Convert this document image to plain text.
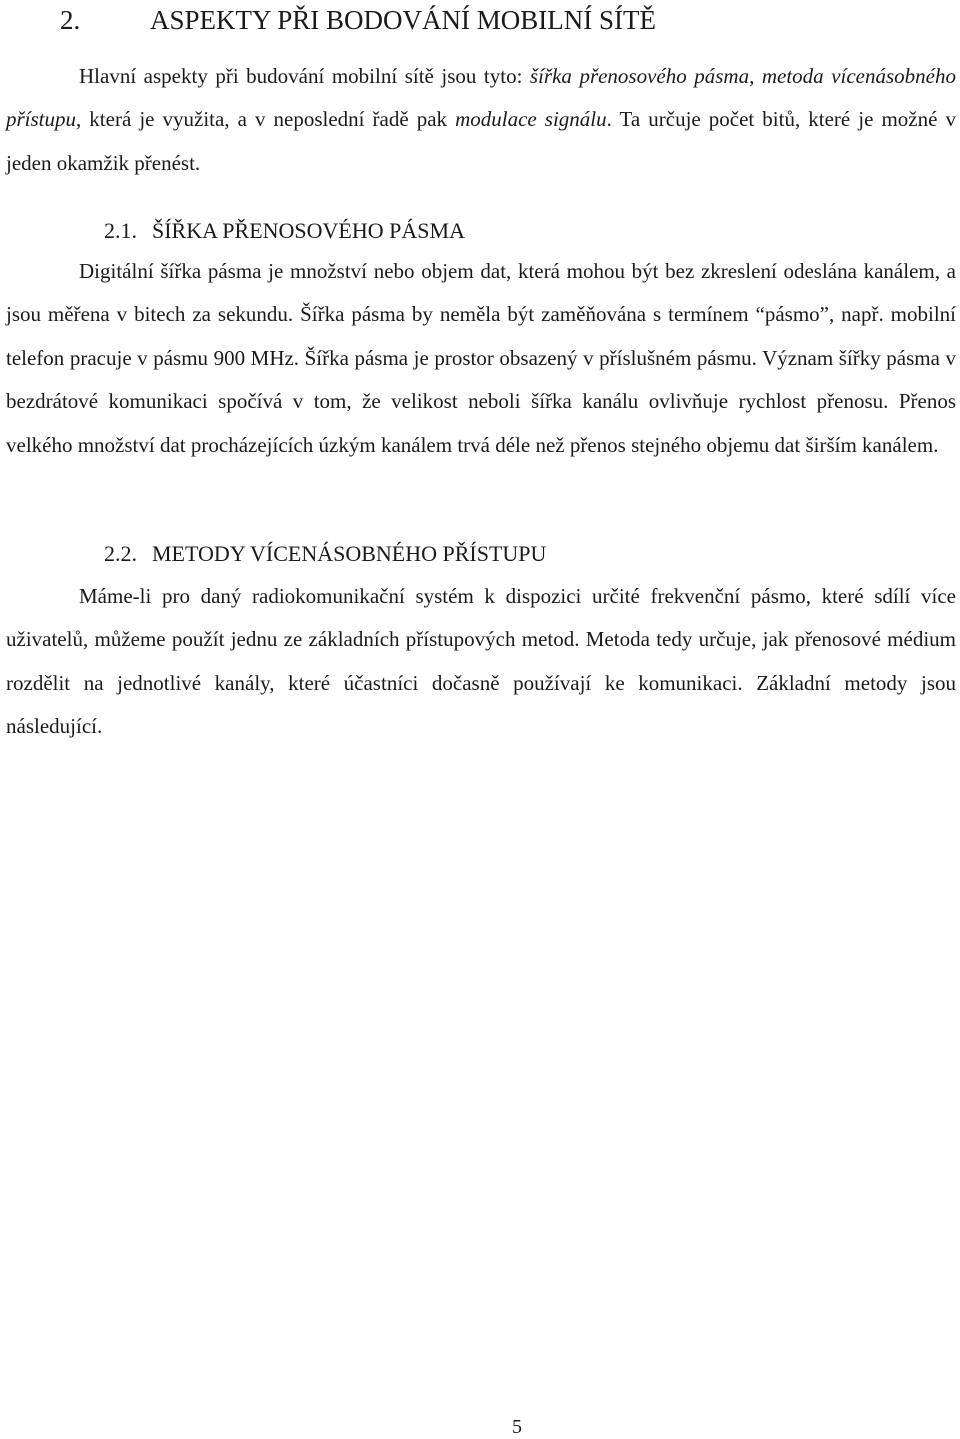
2.	ASPEKTY PŘI BODOVÁNÍ MOBILNÍ SÍTĚ

Hlavní aspekty při budování mobilní sítě jsou tyto: šířka přenosového pásma, metoda vícenásobného přístupu, která je využita, a v neposlední řadě pak modulace signálu. Ta určuje počet bitů, které je možné v jeden okamžik přenést.

2.1. ŠÍŘKA PŘENOSOVÉHO PÁSMA

Digitální šířka pásma je množství nebo objem dat, která mohou být bez zkreslení odeslána kanálem, a jsou měřena v bitech za sekundu. Šířka pásma by neměla být zaměňována s termínem “pásmo”, např. mobilní telefon pracuje v pásmu 900 MHz. Šířka pásma je prostor obsazený v příslušném pásmu. Význam šířky pásma v bezdrátové komunikaci spočívá v tom, že velikost neboli šířka kanálu ovlivňuje rychlost přenosu. Přenos velkého množství dat procházejících úzkým kanálem trvá déle než přenos stejného objemu dat širším kanálem.

2.2. METODY VÍCENÁSOBNÉHO PŘÍSTUPU

Máme-li pro daný radiokomunikační systém k dispozici určité frekvenční pásmo, které sdílí více uživatelů, můžeme použít jednu ze základních přístupových metod. Metoda tedy určuje, jak přenosové médium rozdělit na jednotlivé kanály, které účastníci dočasně používají ke komunikaci. Základní metody jsou následující.

5
